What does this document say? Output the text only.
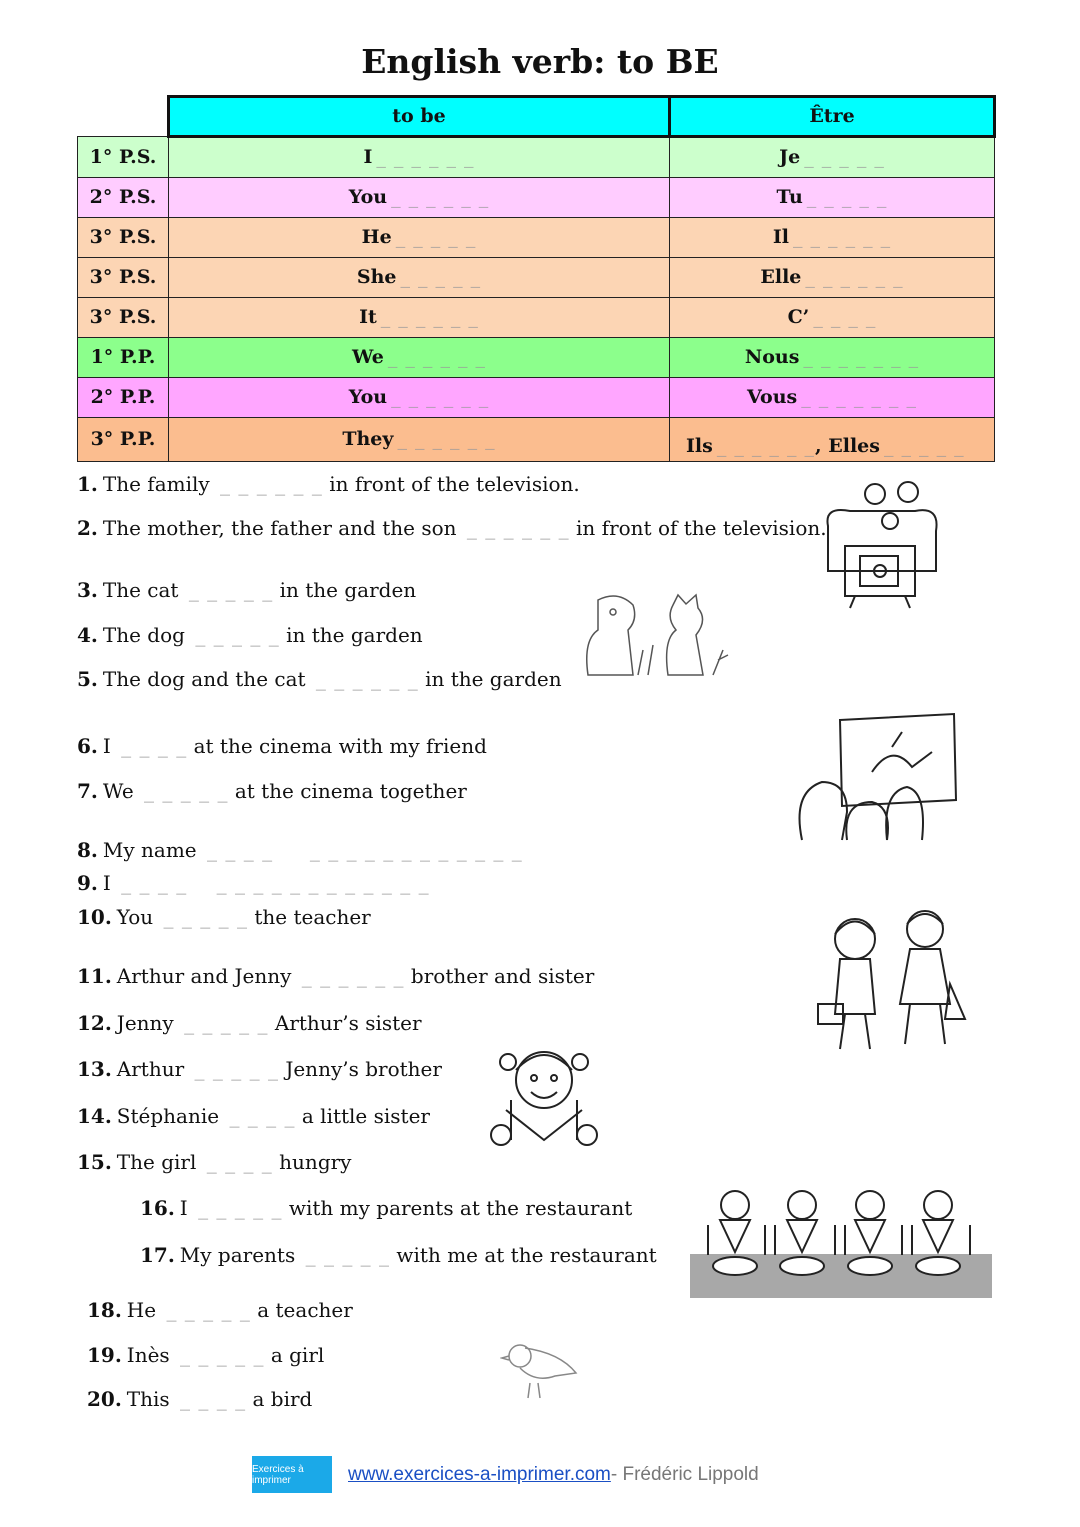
English verb: to BE
	to be	Être
1° P.S.	I _ _ _ _ _ _	Je _ _ _ _ _
2° P.S.	You _ _ _ _ _ _	Tu _ _ _ _ _
3° P.S.	He _ _ _ _ _	Il _ _ _ _ _ _
3° P.S.	She _ _ _ _ _	Elle _ _ _ _ _ _
3° P.S.	It _ _ _ _ _ _	C’ _ _ _ _
1° P.P.	We _ _ _ _ _ _	Nous _ _ _ _ _ _ _
2° P.P.	You _ _ _ _ _ _	Vous _ _ _ _ _ _ _
3° P.P.	They _ _ _ _ _ _	Ils _ _ _ _ _ _, Elles _ _ _ _ _
1. The family _ _ _ _ _ _ in front of the television.
2. The mother, the father and the son _ _ _ _ _ _ in front of the television.
3. The cat _ _ _ _ _ in the garden
4. The dog _ _ _ _ _ in the garden
5. The dog and the cat _ _ _ _ _ _ in the garden
6. I _ _ _ _ at the cinema with my friend
7. We _ _ _ _ _ at the cinema together
8. My name _ _ _ _     _ _ _ _ _ _ _ _ _ _ _ _
9. I _ _ _ _    _ _ _ _ _ _ _ _ _ _ _ _
10. You _ _ _ _ _ the teacher
11. Arthur and Jenny _ _ _ _ _ _ brother and sister
12. Jenny _ _ _ _ _ Arthur’s sister
13. Arthur _ _ _ _ _ Jenny’s brother
14. Stéphanie _ _ _ _ a little sister
15. The girl _ _ _ _ hungry
16. I _ _ _ _ _ with my parents at the restaurant
17. My parents _ _ _ _ _ with me at the restaurant
18. He _ _ _ _ _ a teacher
19. Inès _ _ _ _ _ a girl
20. This _ _ _ _ a bird
Exercices à imprimer	www.exercices-a-imprimer.com - Frédéric Lippold
